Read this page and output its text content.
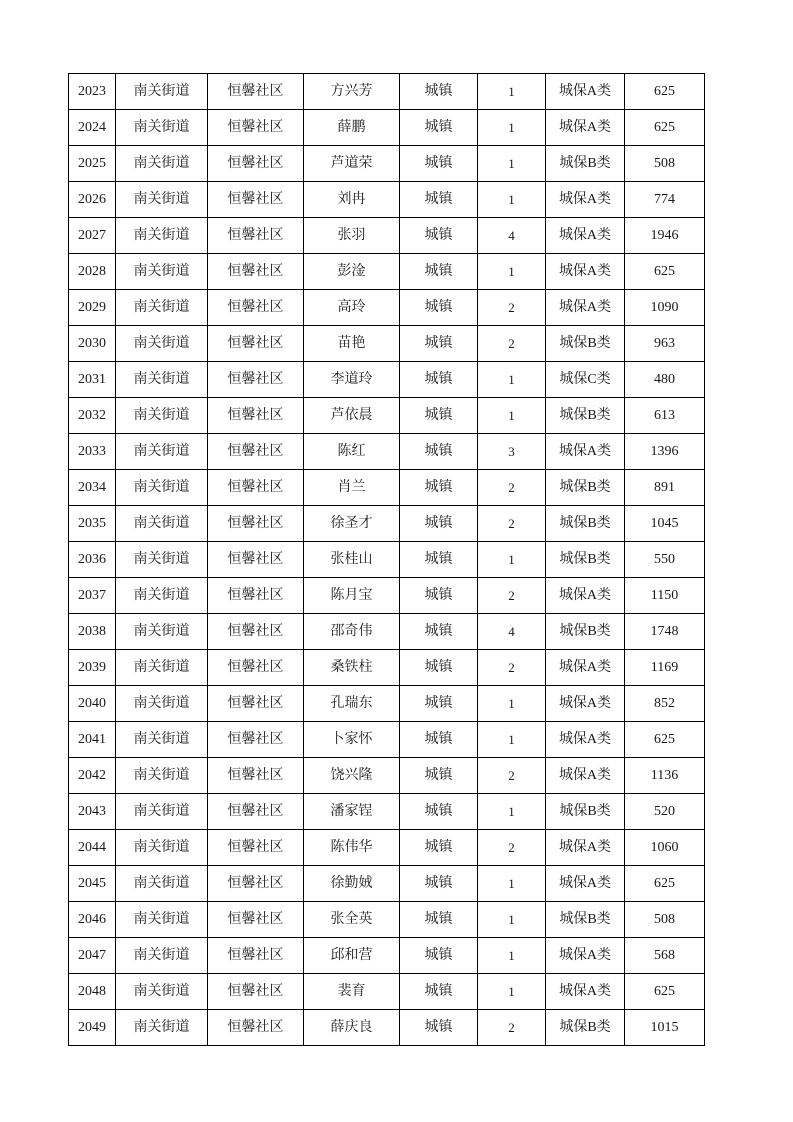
2023	南关街道	恒馨社区	方兴芳	城镇	1	城保A类	625
2024	南关街道	恒馨社区	薛鹏	城镇	1	城保A类	625
2025	南关街道	恒馨社区	芦道荣	城镇	1	城保B类	508
2026	南关街道	恒馨社区	刘冉	城镇	1	城保A类	774
2027	南关街道	恒馨社区	张羽	城镇	4	城保A类	1946
2028	南关街道	恒馨社区	彭淦	城镇	1	城保A类	625
2029	南关街道	恒馨社区	高玲	城镇	2	城保A类	1090
2030	南关街道	恒馨社区	苗艳	城镇	2	城保B类	963
2031	南关街道	恒馨社区	李道玲	城镇	1	城保C类	480
2032	南关街道	恒馨社区	芦依晨	城镇	1	城保B类	613
2033	南关街道	恒馨社区	陈红	城镇	3	城保A类	1396
2034	南关街道	恒馨社区	肖兰	城镇	2	城保B类	891
2035	南关街道	恒馨社区	徐圣才	城镇	2	城保B类	1045
2036	南关街道	恒馨社区	张桂山	城镇	1	城保B类	550
2037	南关街道	恒馨社区	陈月宝	城镇	2	城保A类	1150
2038	南关街道	恒馨社区	邵奇伟	城镇	4	城保B类	1748
2039	南关街道	恒馨社区	桑铁柱	城镇	2	城保A类	1169
2040	南关街道	恒馨社区	孔瑞东	城镇	1	城保A类	852
2041	南关街道	恒馨社区	卜家怀	城镇	1	城保A类	625
2042	南关街道	恒馨社区	饶兴隆	城镇	2	城保A类	1136
2043	南关街道	恒馨社区	潘家锃	城镇	1	城保B类	520
2044	南关街道	恒馨社区	陈伟华	城镇	2	城保A类	1060
2045	南关街道	恒馨社区	徐勤娀	城镇	1	城保A类	625
2046	南关街道	恒馨社区	张全英	城镇	1	城保B类	508
2047	南关街道	恒馨社区	邱和营	城镇	1	城保A类	568
2048	南关街道	恒馨社区	裴育	城镇	1	城保A类	625
2049	南关街道	恒馨社区	薛庆良	城镇	2	城保B类	1015
